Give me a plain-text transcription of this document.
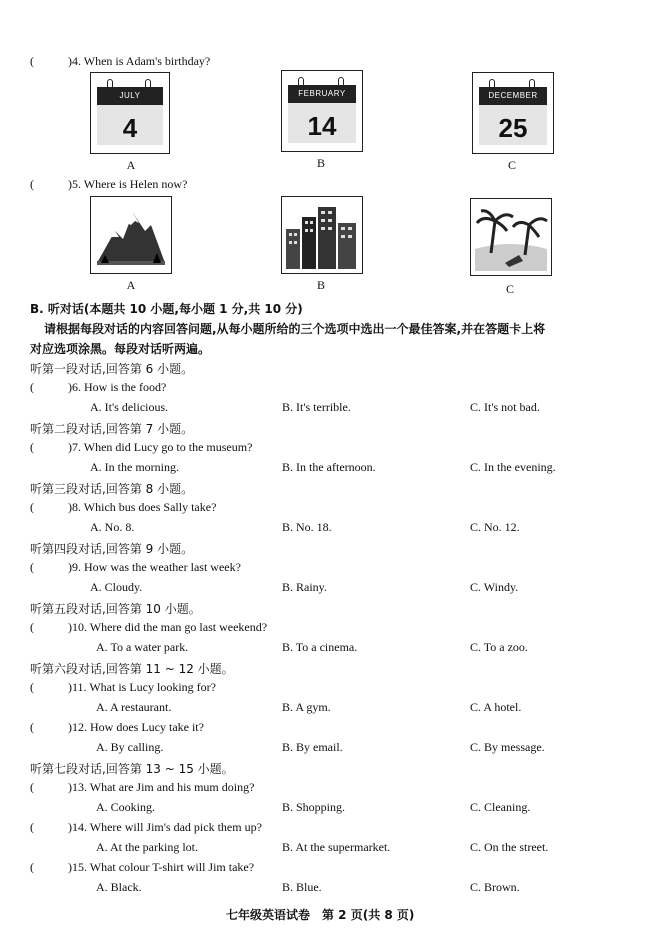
(	)4. When is Adam's birthday?
JULY
4
A
FEBRUARY
14
B
DECEMBER
25
C
(	)5. Where is Helen now?
A	B	C
B. 听对话(本题共 10 小题,每小题 1 分,共 10 分)
请根据每段对话的内容回答问题,从每小题所给的三个选项中选出一个最佳答案,并在答题卡上将
对应选项涂黑。每段对话听两遍。
听第一段对话,回答第 6 小题。
(	)6. How is the food?
A. It's delicious.	B. It's terrible.	C. It's not bad.
听第二段对话,回答第 7 小题。
(	)7. When did Lucy go to the museum?
A. In the morning.	B. In the afternoon.	C. In the evening.
听第三段对话,回答第 8 小题。
(	)8. Which bus does Sally take?
A. No. 8.	B. No. 18.	C. No. 12.
听第四段对话,回答第 9 小题。
(	)9. How was the weather last week?
A. Cloudy.	B. Rainy.	C. Windy.
听第五段对话,回答第 10 小题。
(	)10. Where did the man go last weekend?
A. To a water park.	B. To a cinema.	C. To a zoo.
听第六段对话,回答第 11 ~ 12 小题。
(	)11. What is Lucy looking for?
A. A restaurant.	B. A gym.	C. A hotel.
(	)12. How does Lucy take it?
A. By calling.	B. By email.	C. By message.
听第七段对话,回答第 13 ~ 15 小题。
(	)13. What are Jim and his mum doing?
A. Cooking.	B. Shopping.	C. Cleaning.
(	)14. Where will Jim's dad pick them up?
A. At the parking lot.	B. At the supermarket.	C. On the street.
(	)15. What colour T-shirt will Jim take?
A. Black.	B. Blue.	C. Brown.
七年级英语试卷　第 2 页(共 8 页)
